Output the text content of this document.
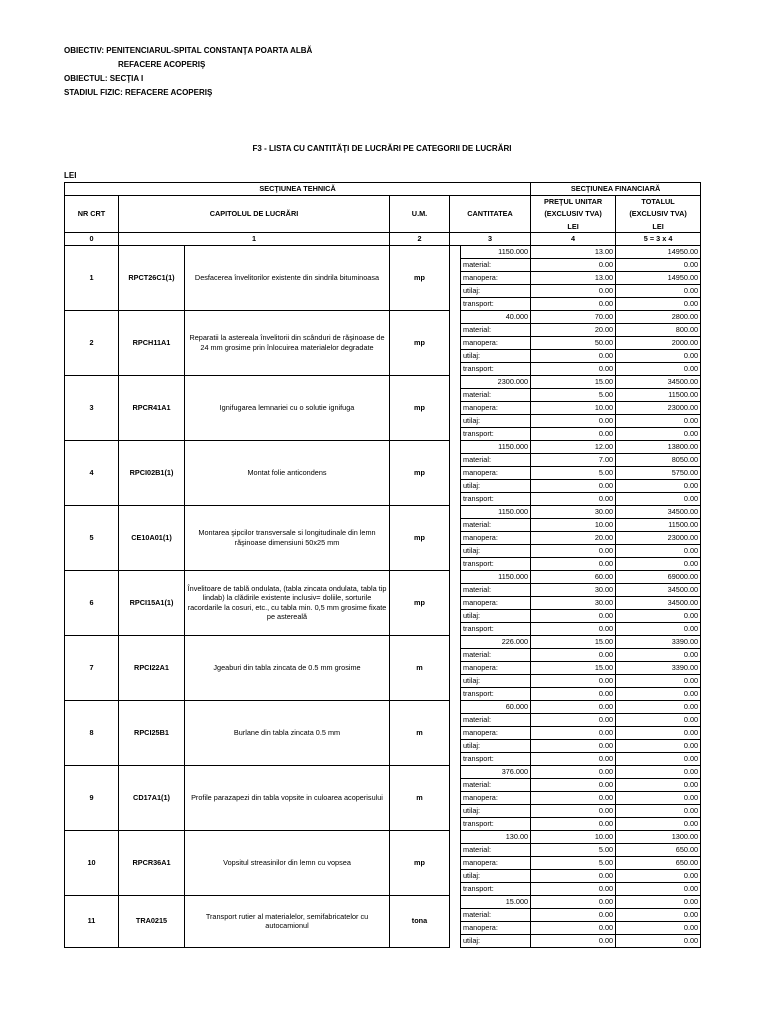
OBIECTIV: PENITENCIARUL-SPITAL CONSTANŢA POARTA ALBĂ
REFACERE ACOPERIŞ
OBIECTUL: SECŢIA I
STADIUL FIZIC: REFACERE ACOPERIŞ
F3 - LISTA CU CANTITĂŢI DE LUCRĂRI PE CATEGORII DE LUCRĂRI
LEI
SECŢIUNEA TEHNICĂ						SECŢIUNEA FINANCIARĂ	
NR CRT	CAPITOLUL DE LUCRĂRI		U.M.	CANTITATEA		PREŢUL UNITAR	TOTALUL
						(EXCLUSIV TVA)	(EXCLUSIV TVA)
						LEI	LEI
0	1		2	3		4	5 = 3 x 4
1	RPCT26C1(1)	Desfacerea învelitorilor existente din sindrila bituminoasa	mp		1150.000	13.00	14950.00
					material:	0.00	0.00
					manopera:	13.00	14950.00
					utilaj:	0.00	0.00
					transport:	0.00	0.00
2	RPCH11A1	Reparatii la astereala învelitorii din scânduri de răşinoase de 24 mm grosime prin înlocuirea materialelor degradate	mp		40.000	70.00	2800.00
					material:	20.00	800.00
					manopera:	50.00	2000.00
					utilaj:	0.00	0.00
					transport:	0.00	0.00
3	RPCR41A1	Ignifugarea lemnariei cu o solutie ignifuga	mp		2300.000	15.00	34500.00
					material:	5.00	11500.00
					manopera:	10.00	23000.00
					utilaj:	0.00	0.00
					transport:	0.00	0.00
4	RPCI02B1(1)	Montat folie anticondens	mp		1150.000	12.00	13800.00
					material:	7.00	8050.00
					manopera:	5.00	5750.00
					utilaj:	0.00	0.00
					transport:	0.00	0.00
5	CE10A01(1)	Montarea şipcilor transversale si longitudinale din lemn răşinoase dimensiuni 50x25 mm	mp		1150.000	30.00	34500.00
					material:	10.00	11500.00
					manopera:	20.00	23000.00
					utilaj:	0.00	0.00
					transport:	0.00	0.00
6	RPCI15A1(1)	Învelitoare de tablă ondulata, (tabla zincata ondulata, tabla tip lindab) la clădirile existente inclusiv= doliile, sorturile racordarile la cosuri, etc., cu tabla min. 0,5 mm grosime fixate pe astereală	mp		1150.000	60.00	69000.00
					material:	30.00	34500.00
					manopera:	30.00	34500.00
					utilaj:	0.00	0.00
					transport:	0.00	0.00
7	RPCI22A1	Jgeaburi din tabla zincata de 0.5 mm grosime	m		226.000	15.00	3390.00
					material:	0.00	0.00
					manopera:	15.00	3390.00
					utilaj:	0.00	0.00
					transport:	0.00	0.00
8	RPCI25B1	Burlane din tabla zincata 0.5 mm	m		60.000	0.00	0.00
					material:	0.00	0.00
					manopera:	0.00	0.00
					utilaj:	0.00	0.00
					transport:	0.00	0.00
9	CD17A1(1)	Profile parazapezi din tabla vopsite in culoarea acoperisului	m		376.000	0.00	0.00
					material:	0.00	0.00
					manopera:	0.00	0.00
					utilaj:	0.00	0.00
					transport:	0.00	0.00
10	RPCR36A1	Vopsitul streasinilor din lemn cu vopsea	mp		130.00	10.00	1300.00
					material:	5.00	650.00
					manopera:	5.00	650.00
					utilaj:	0.00	0.00
					transport:	0.00	0.00
11	TRA0215	Transport rutier al materialelor, semifabricatelor cu autocamionul	tona		15.000	0.00	0.00
					material:	0.00	0.00
					manopera:	0.00	0.00
					utilaj:	0.00	0.00
